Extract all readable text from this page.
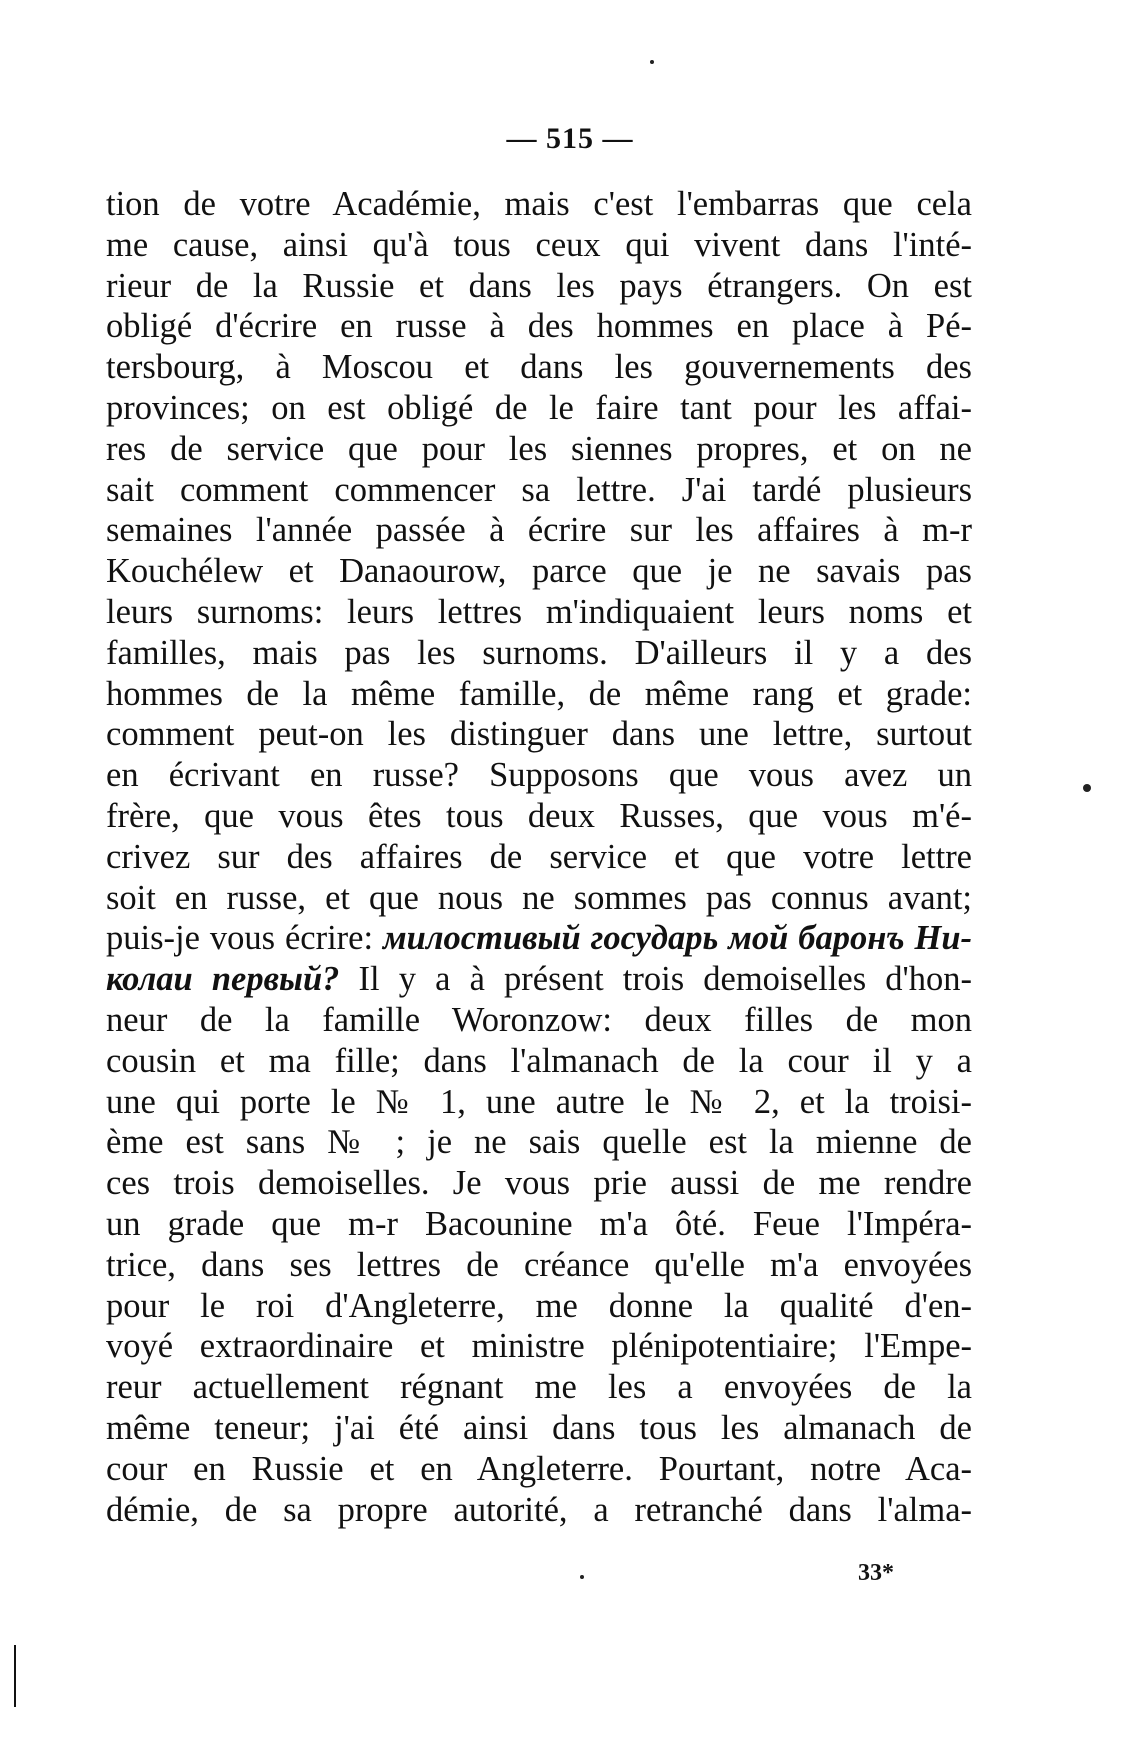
— 515 —
tion de votre Académie, mais c'est l'embarras que cela
me cause, ainsi qu'à tous ceux qui vivent dans l'inté-
rieur de la Russie et dans les pays étrangers. On est
obligé d'écrire en russe à des hommes en place à Pé-
tersbourg, à Moscou et dans les gouvernements des
provinces; on est obligé de le faire tant pour les affai-
res de service que pour les siennes propres, et on ne
sait comment commencer sa lettre. J'ai tardé plusieurs
semaines l'année passée à écrire sur les affaires à m-r
Kouchélew et Danaourow, parce que je ne savais pas
leurs surnoms: leurs lettres m'indiquaient leurs noms et
familles, mais pas les surnoms. D'ailleurs il y a des
hommes de la même famille, de même rang et grade:
comment peut-on les distinguer dans une lettre, surtout
en écrivant en russe? Supposons que vous avez un
frère, que vous êtes tous deux Russes, que vous m'é-
crivez sur des affaires de service et que votre lettre
soit en russe, et que nous ne sommes pas connus avant;
puis-je vous écrire: милостивый государь мой баронъ Ни-
колаи первый? Il y a à présent trois demoiselles d'hon-
neur de la famille Woronzow: deux filles de mon
cousin et ma fille; dans l'almanach de la cour il y a
une qui porte le № 1, une autre le № 2, et la troisi-
ème est sans № ; je ne sais quelle est la mienne de
ces trois demoiselles. Je vous prie aussi de me rendre
un grade que m-r Bacounine m'a ôté. Feue l'Impéra-
trice, dans ses lettres de créance qu'elle m'a envoyées
pour le roi d'Angleterre, me donne la qualité d'en-
voyé extraordinaire et ministre plénipotentiaire; l'Empe-
reur actuellement régnant me les a envoyées de la
même teneur; j'ai été ainsi dans tous les almanach de
cour en Russie et en Angleterre. Pourtant, notre Aca-
démie, de sa propre autorité, a retranché dans l'alma-
33*
